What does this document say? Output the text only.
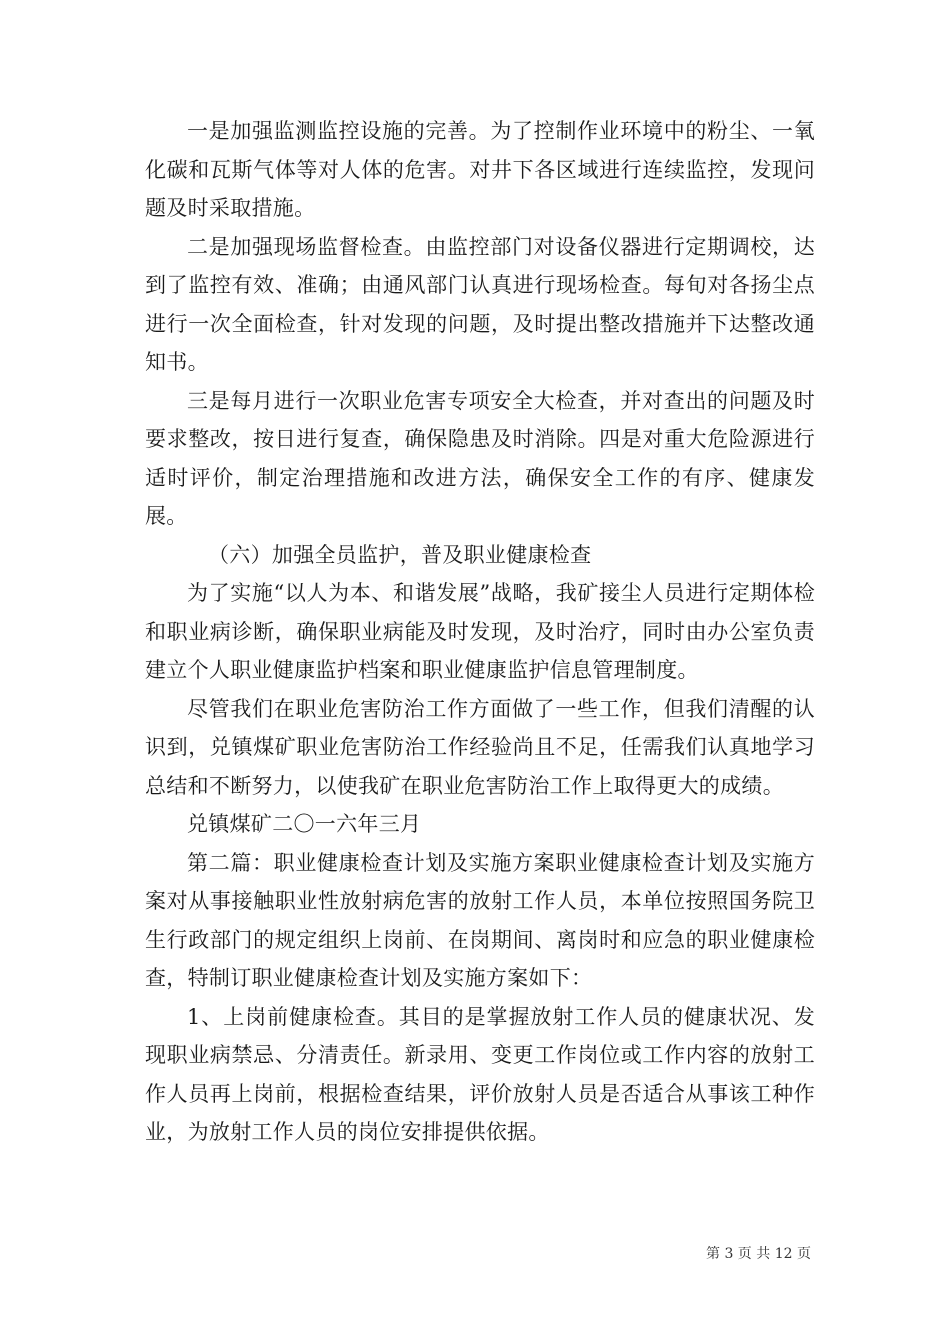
一是加强监测监控设施的完善。为了控制作业环境中的粉尘、一氧化碳和瓦斯气体等对人体的危害。对井下各区域进行连续监控，发现问题及时采取措施。

二是加强现场监督检查。由监控部门对设备仪器进行定期调校，达到了监控有效、准确；由通风部门认真进行现场检查。每旬对各扬尘点进行一次全面检查，针对发现的问题，及时提出整改措施并下达整改通知书。

三是每月进行一次职业危害专项安全大检查，并对查出的问题及时要求整改，按日进行复查，确保隐患及时消除。四是对重大危险源进行适时评价，制定治理措施和改进方法，确保安全工作的有序、健康发展。

（六）加强全员监护，普及职业健康检查

为了实施“以人为本、和谐发展”战略，我矿接尘人员进行定期体检和职业病诊断，确保职业病能及时发现，及时治疗，同时由办公室负责建立个人职业健康监护档案和职业健康监护信息管理制度。

尽管我们在职业危害防治工作方面做了一些工作，但我们清醒的认识到，兑镇煤矿职业危害防治工作经验尚且不足，任需我们认真地学习总结和不断努力，以使我矿在职业危害防治工作上取得更大的成绩。

兑镇煤矿二〇一六年三月

第二篇：职业健康检查计划及实施方案职业健康检查计划及实施方案对从事接触职业性放射病危害的放射工作人员，本单位按照国务院卫生行政部门的规定组织上岗前、在岗期间、离岗时和应急的职业健康检查，特制订职业健康检查计划及实施方案如下：

1、上岗前健康检查。其目的是掌握放射工作人员的健康状况、发现职业病禁忌、分清责任。新录用、变更工作岗位或工作内容的放射工作人员再上岗前，根据检查结果，评价放射人员是否适合从事该工种作业，为放射工作人员的岗位安排提供依据。

第 3 页 共 12 页
